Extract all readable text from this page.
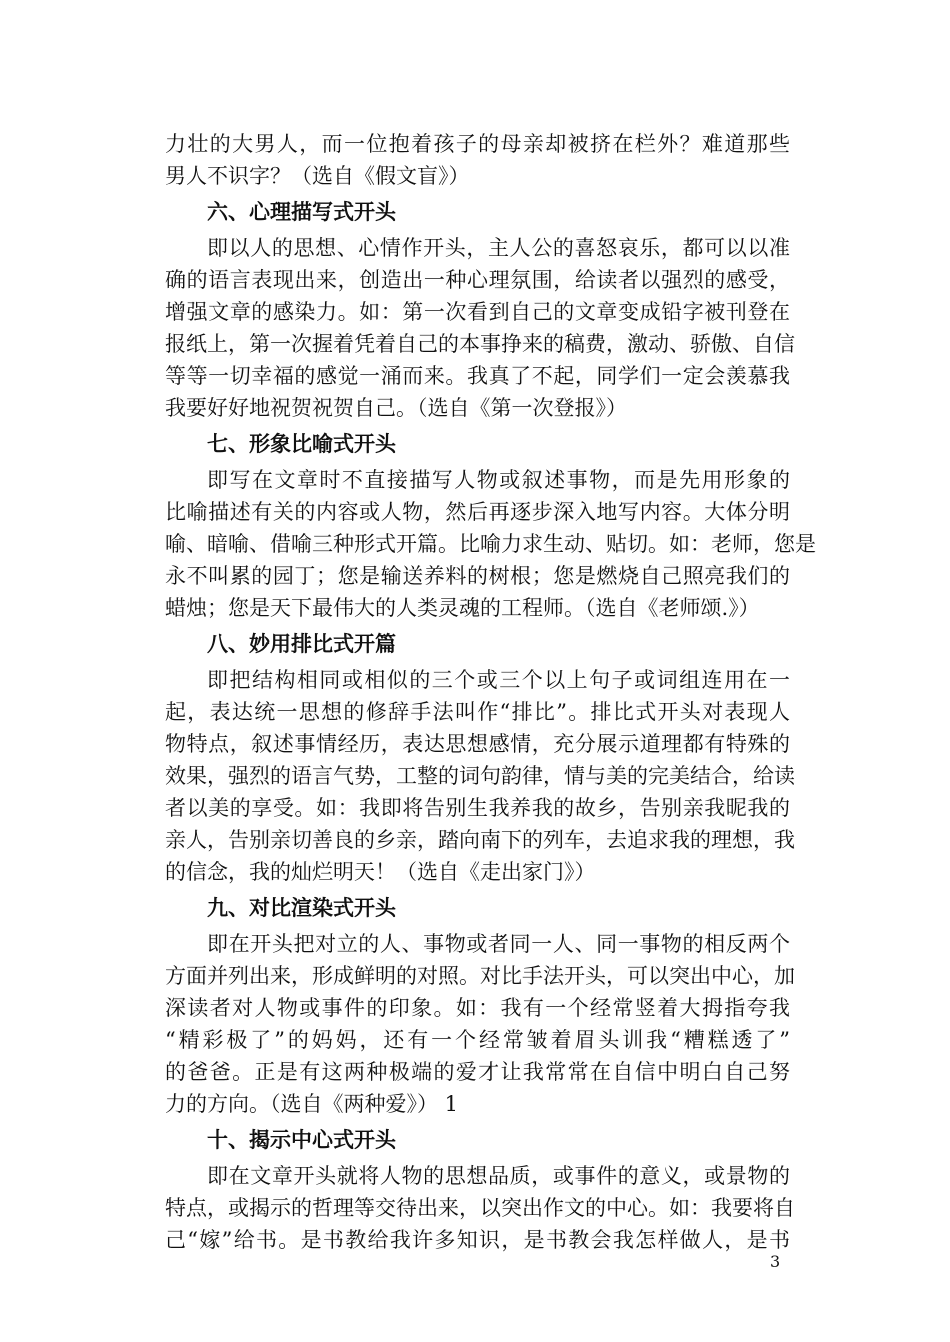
力壮的大男人，而一位抱着孩子的母亲却被挤在栏外？难道那些
男人不识字？（选自《假文盲》）
六、心理描写式开头
即以人的思想、心情作开头，主人公的喜怒哀乐，都可以以准
确的语言表现出来，创造出一种心理氛围，给读者以强烈的感受，
增强文章的感染力。如：第一次看到自己的文章变成铅字被刊登在
报纸上，第一次握着凭着自己的本事挣来的稿费，激动、骄傲、自信
等等一切幸福的感觉一涌而来。我真了不起，同学们一定会羡慕我
我要好好地祝贺祝贺自己。（选自《第一次登报》）
七、形象比喻式开头
即写在文章时不直接描写人物或叙述事物，而是先用形象的
比喻描述有关的内容或人物，然后再逐步深入地写内容。大体分明
喻、暗喻、借喻三种形式开篇。比喻力求生动、贴切。如：老师，您是
永不叫累的园丁；您是输送养料的树根；您是燃烧自己照亮我们的
蜡烛；您是天下最伟大的人类灵魂的工程师。（选自《老师颂.》）
八、妙用排比式开篇
即把结构相同或相似的三个或三个以上句子或词组连用在一
起，表达统一思想的修辞手法叫作“排比”。排比式开头对表现人
物特点，叙述事情经历，表达思想感情，充分展示道理都有特殊的
效果，强烈的语言气势，工整的词句韵律，情与美的完美结合，给读
者以美的享受。如：我即将告别生我养我的故乡，告别亲我昵我的
亲人，告别亲切善良的乡亲，踏向南下的列车，去追求我的理想，我
的信念，我的灿烂明天！（选自《走出家门》）
九、对比渲染式开头
即在开头把对立的人、事物或者同一人、同一事物的相反两个
方面并列出来，形成鲜明的对照。对比手法开头，可以突出中心，加
深读者对人物或事件的印象。如：我有一个经常竖着大拇指夸我
“精彩极了”的妈妈，还有一个经常皱着眉头训我“糟糕透了”
的爸爸。正是有这两种极端的爱才让我常常在自信中明白自己努
力的方向。（选自《两种爱》） 1
十、揭示中心式开头
即在文章开头就将人物的思想品质，或事件的意义，或景物的
特点，或揭示的哲理等交待出来，以突出作文的中心。如：我要将自
己“嫁”给书。是书教给我许多知识，是书教会我怎样做人，是书
3
